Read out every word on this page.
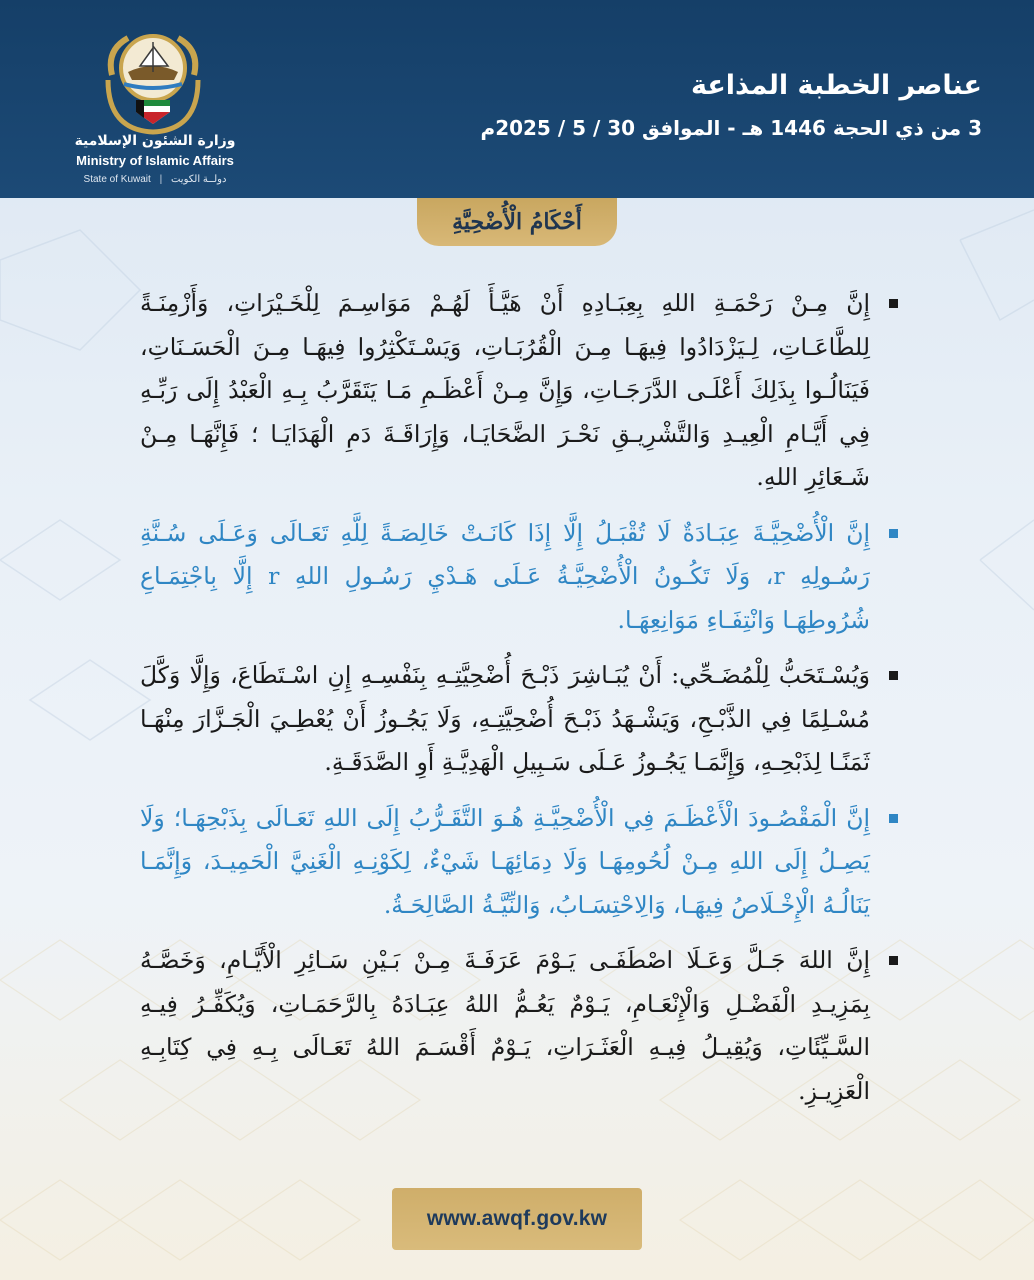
وزارة الشئون الإسلامية
Ministry of Islamic Affairs
State of Kuwait | دولــة الكويت
عناصر الخطبة المذاعة
3 من ذي الحجة 1446 هـ - الموافق 30 / 5 / 2025م
أَحْكَامُ الْأُضْحِيَّةِ

إِنَّ مِـنْ رَحْمَـةِ اللهِ بِعِبَـادِهِ أَنْ هَيَّـأَ لَهُـمْ مَوَاسِـمَ لِلْخَـيْرَاتِ، وَأَزْمِنَـةً لِلطَّاعَـاتِ، لِـيَزْدَادُوا فِيهَـا مِـنَ الْقُرُبَـاتِ، وَيَسْـتَكْثِرُوا فِيهَـا مِـنَ الْحَسَـنَاتِ، فَيَنَالُـوا بِذَلِكَ أَعْلَـى الدَّرَجَـاتِ، وَإِنَّ مِـنْ أَعْظَـمِ مَـا يَتَقَرَّبُ بِـهِ الْعَبْدُ إِلَى رَبِّـهِ فِي أَيَّـامِ الْعِيـدِ وَالتَّشْرِيـقِ نَحْـرَ الضَّحَايَـا، وَإِرَاقَـةَ دَمِ الْهَدَايَـا ؛ فَإِنَّهَـا مِـنْ شَـعَائِرِ اللهِ.

إِنَّ الْأُضْحِيَّـةَ عِبَـادَةٌ لَا تُقْبَـلُ إِلَّا إِذَا كَانَـتْ خَالِصَـةً لِلَّهِ تَعَـالَى وَعَـلَى سُـنَّةِ رَسُـولِهِ r، وَلَا تَكُـونُ الْأُضْحِيَّـةُ عَـلَى هَـدْيِ رَسُـولِ اللهِ r إِلَّا بِاجْتِمَـاعِ شُرُوطِهَـا وَانْتِفَـاءِ مَوَانِعِهَـا.

وَيُسْـتَحَبُّ لِلْمُضَـحِّي: أَنْ يُبَـاشِرَ ذَبْـحَ أُضْحِيَّتِـهِ بِنَفْسِـهِ إِنِ اسْـتَطَاعَ، وَإِلَّا وَكَّلَ مُسْـلِمًا فِي الذَّبْـحِ، وَيَشْـهَدُ ذَبْـحَ أُضْحِيَّتِـهِ، وَلَا يَجُـوزُ أَنْ يُعْطِـيَ الْجَـزَّارَ مِنْهَـا ثَمَنًـا لِذَبْحِـهِ، وَإِنَّمَـا يَجُـوزُ عَـلَى سَـبِيلِ الْهَدِيَّـةِ أَوِ الصَّدَقَـةِ.

إِنَّ الْمَقْصُـودَ الْأَعْظَـمَ فِي الْأُضْحِيَّـةِ هُـوَ التَّقَـرُّبُ إِلَى اللهِ تَعَـالَى بِذَبْحِهَـا؛ وَلَا يَصِـلُ إِلَى اللهِ مِـنْ لُحُومِهَـا وَلَا دِمَائِهَـا شَيْءٌ، لِكَوْنِـهِ الْغَنِيَّ الْحَمِيـدَ، وَإِنَّمَـا يَنَالُـهُ الْإِخْـلَاصُ فِيهَـا، وَالِاحْتِسَـابُ، وَالنِّيَّـةُ الصَّالِحَـةُ.

إِنَّ اللهَ جَـلَّ وَعَـلَا اصْطَفَـى يَـوْمَ عَرَفَـةَ مِـنْ بَـيْنِ سَـائِرِ الْأَيَّـامِ، وَخَصَّـهُ بِمَزِيـدِ الْفَضْـلِ وَالْإِنْعَـامِ، يَـوْمٌ يَعُـمُّ اللهُ عِبَـادَهُ بِالرَّحَمَـاتِ، وَيُكَفِّـرُ فِيـهِ السَّـيِّئَاتِ، وَيُقِيـلُ فِيـهِ الْعَثَـرَاتِ، يَـوْمٌ أَقْسَـمَ اللهُ تَعَـالَى بِـهِ فِي كِتَابِـهِ الْعَزِيـزِ.

www.awqf.gov.kw
